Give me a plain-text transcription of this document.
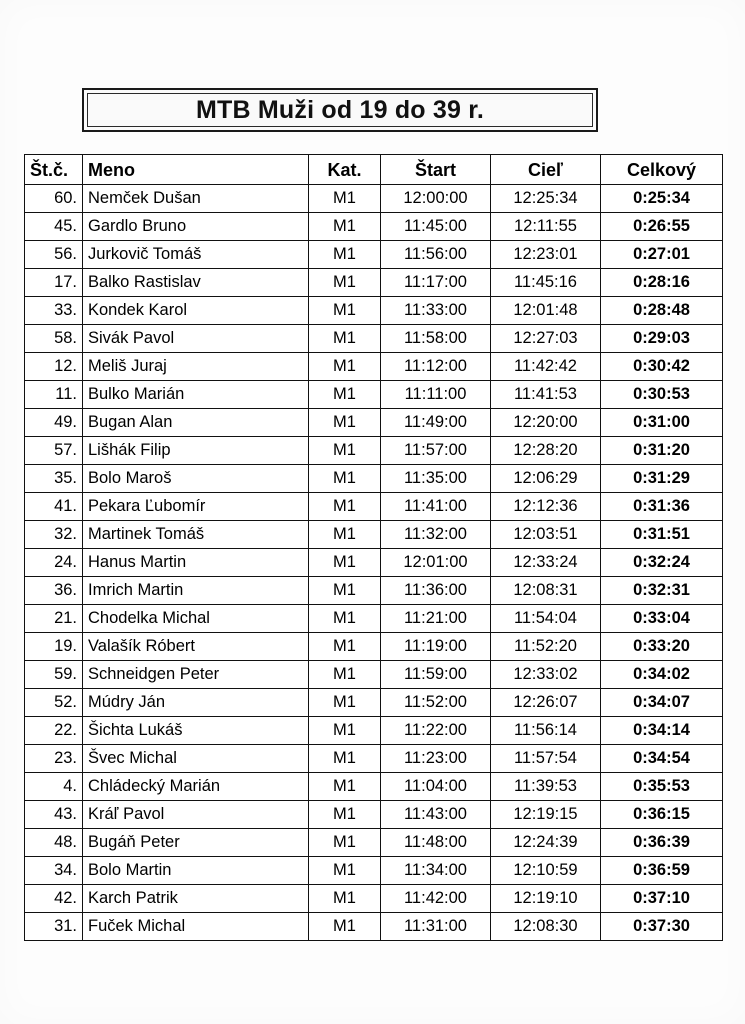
MTB Muži od 19 do 39 r.
Št.č.	Meno	Kat.	Štart	Cieľ	Celkový
60.	Nemček Dušan	M1	12:00:00	12:25:34	0:25:34
45.	Gardlo Bruno	M1	11:45:00	12:11:55	0:26:55
56.	Jurkovič Tomáš	M1	11:56:00	12:23:01	0:27:01
17.	Balko Rastislav	M1	11:17:00	11:45:16	0:28:16
33.	Kondek Karol	M1	11:33:00	12:01:48	0:28:48
58.	Sivák Pavol	M1	11:58:00	12:27:03	0:29:03
12.	Meliš Juraj	M1	11:12:00	11:42:42	0:30:42
11.	Bulko Marián	M1	11:11:00	11:41:53	0:30:53
49.	Bugan Alan	M1	11:49:00	12:20:00	0:31:00
57.	Lišhák Filip	M1	11:57:00	12:28:20	0:31:20
35.	Bolo Maroš	M1	11:35:00	12:06:29	0:31:29
41.	Pekara Ľubomír	M1	11:41:00	12:12:36	0:31:36
32.	Martinek Tomáš	M1	11:32:00	12:03:51	0:31:51
24.	Hanus Martin	M1	12:01:00	12:33:24	0:32:24
36.	Imrich Martin	M1	11:36:00	12:08:31	0:32:31
21.	Chodelka Michal	M1	11:21:00	11:54:04	0:33:04
19.	Valašík Róbert	M1	11:19:00	11:52:20	0:33:20
59.	Schneidgen Peter	M1	11:59:00	12:33:02	0:34:02
52.	Múdry Ján	M1	11:52:00	12:26:07	0:34:07
22.	Šichta Lukáš	M1	11:22:00	11:56:14	0:34:14
23.	Švec Michal	M1	11:23:00	11:57:54	0:34:54
4.	Chládecký Marián	M1	11:04:00	11:39:53	0:35:53
43.	Kráľ Pavol	M1	11:43:00	12:19:15	0:36:15
48.	Bugáň Peter	M1	11:48:00	12:24:39	0:36:39
34.	Bolo Martin	M1	11:34:00	12:10:59	0:36:59
42.	Karch Patrik	M1	11:42:00	12:19:10	0:37:10
31.	Fuček Michal	M1	11:31:00	12:08:30	0:37:30
